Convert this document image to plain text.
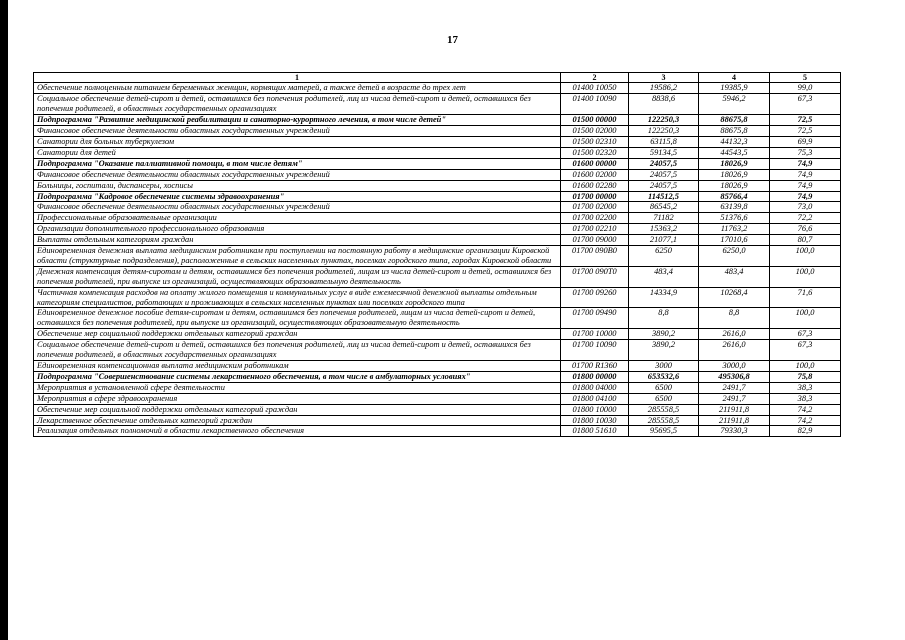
17
1	2	3	4	5
Обеспечение полноценным питанием беременных женщин, кормящих матерей, а также детей в возрасте до трех лет	01400 10050	19586,2	19385,9	99,0
Социальное обеспечение детей-сирот и детей, оставшихся без попечения родителей, лиц из числа детей-сирот и детей, оставшихся без попечения родителей, в областных государственных организациях	01400 10090	8838,6	5946,2	67,3
Подпрограмма "Развитие медицинской реабилитации и санаторно-курортного лечения, в том числе детей"	01500 00000	122250,3	88675,8	72,5
Финансовое обеспечение деятельности областных государственных учреждений	01500 02000	122250,3	88675,8	72,5
Санатории для больных туберкулезом	01500 02310	63115,8	44132,3	69,9
Санатории для детей	01500 02320	59134,5	44543,5	75,3
Подпрограмма "Оказание паллиативной помощи, в том числе детям"	01600 00000	24057,5	18026,9	74,9
Финансовое обеспечение деятельности областных государственных учреждений	01600 02000	24057,5	18026,9	74,9
Больницы, госпитали, диспансеры, хосписы	01600 02280	24057,5	18026,9	74,9
Подпрограмма "Кадровое обеспечение системы здравоохранения"	01700 00000	114512,5	85766,4	74,9
Финансовое обеспечение деятельности областных государственных учреждений	01700 02000	86545,2	63139,8	73,0
Профессиональные образовательные организации	01700 02200	71182	51376,6	72,2
Организации дополнительного профессионального образования	01700 02210	15363,2	11763,2	76,6
Выплаты отдельным категориям граждан	01700 09000	21077,1	17010,6	80,7
Единовременная денежная выплата медицинским работникам при поступлении на постоянную работу в медицинские организации Кировской области (структурные подразделения), расположенные в сельских населенных пунктах, поселках городского типа, городах Кировской области	01700 090В0	6250	6250,0	100,0
Денежная компенсация детям-сиротам и детям, оставшимся без попечения родителей, лицам из числа детей-сирот и детей, оставшихся без попечения родителей, при выпуске из организаций, осуществляющих образовательную деятельность	01700 090Т0	483,4	483,4	100,0
Частичная компенсация расходов на оплату жилого помещения и коммунальных услуг в виде ежемесячной денежной выплаты отдельным категориям специалистов, работающих и проживающих в сельских населенных пунктах или поселках городского типа	01700 09260	14334,9	10268,4	71,6
Единовременное денежное пособие детям-сиротам и детям, оставшимся без попечения родителей, лицам из числа детей-сирот и детей, оставшихся без попечения родителей, при выпуске из организаций, осуществляющих образовательную деятельность	01700 09490	8,8	8,8	100,0
Обеспечение мер социальной поддержки отдельных категорий граждан	01700 10000	3890,2	2616,0	67,3
Социальное обеспечение детей-сирот и детей, оставшихся без попечения родителей, лиц из числа детей-сирот и детей, оставшихся без попечения родителей, в областных государственных организациях	01700 10090	3890,2	2616,0	67,3
Единовременная компенсационная выплата медицинским работникам	01700 R1360	3000	3000,0	100,0
Подпрограмма "Совершенствование системы лекарственного обеспечения, в том числе в амбулаторных условиях"	01800 00000	653532,6	495306,8	75,8
Мероприятия в установленной сфере деятельности	01800 04000	6500	2491,7	38,3
Мероприятия в сфере здравоохранения	01800 04100	6500	2491,7	38,3
Обеспечение мер социальной поддержки отдельных категорий граждан	01800 10000	285558,5	211911,8	74,2
Лекарственное обеспечение отдельных категорий граждан	01800 10030	285558,5	211911,8	74,2
Реализация отдельных полномочий в области лекарственного обеспечения	01800 51610	95695,5	79330,3	82,9
